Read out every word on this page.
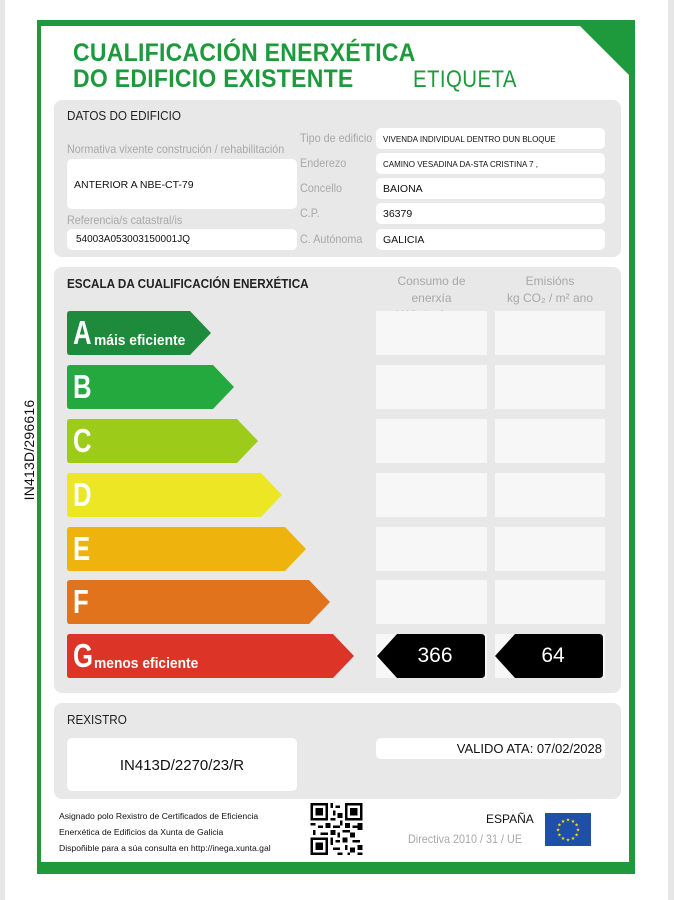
IN413D/296616
CUALIFICACIÓN ENERXÉTICA
DO EDIFICIO EXISTENTE	ETIQUETA
DATOS DO EDIFICIO
Normativa vixente construción / rehabilitación
ANTERIOR A NBE-CT-79
Referencia/s catastral/is
54003A053003150001JQ
Tipo de edificio VIVENDA INDIVIDUAL DENTRO DUN BLOQUE
Enderezo	CAMINO VESADINA DA-STA CRISTINA 7 ,
Concello	BAIONA
C.P.	36379
C. Autónoma GALICIA
ESCALA DA CUALIFICACIÓN ENERXÉTICA	Consumo de enerxía
Emisións
kg CO₂ / m² ano
A máis eficiente
B
C
D
E
F
G menos eficiente	366	64
REXISTRO
IN413D/2270/23/R
VALIDO ATA: 07/02/2028
Asignado polo Rexistro de Certificados de Eficiencia
Enerxética de Edificios da Xunta de Galicia
Dispoñible para a súa consulta en http://inega.xunta.gal
ESPAÑA
Directiva 2010 / 31 / UE
★ ★
★
★
★
★
★
★
★
★
★
★
